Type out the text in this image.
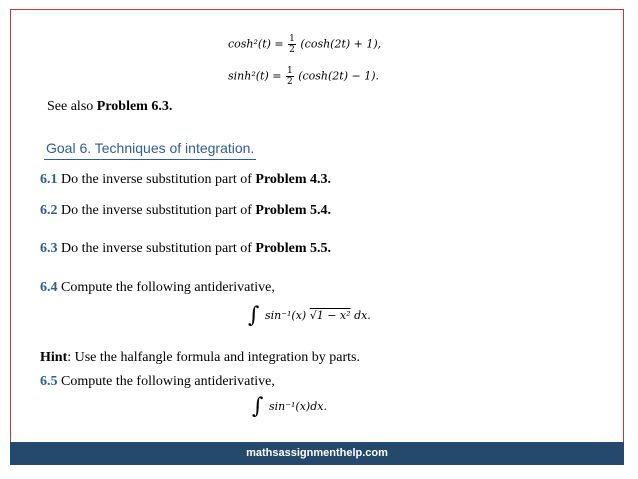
$\cosh^2(t) = \frac{1}{2} (\cosh(2t) + 1)$,
$\sinh^2(t) = \frac{1}{2} (\cosh(2t) - 1)$.
See also Problem 6.3.
Goal 6. Techniques of integration.
6.1 Do the inverse substitution part of Problem 4.3.
6.2 Do the inverse substitution part of Problem 5.4.
6.3 Do the inverse substitution part of Problem 5.5.
6.4 Compute the following antiderivative,
∫ sin⁻¹(x) √1 − x² dx.
Hint: Use the halfangle formula and integration by parts.
6.5 Compute the following antiderivative,
∫ sin⁻¹(x)dx.
mathsassignmenthelp.com
